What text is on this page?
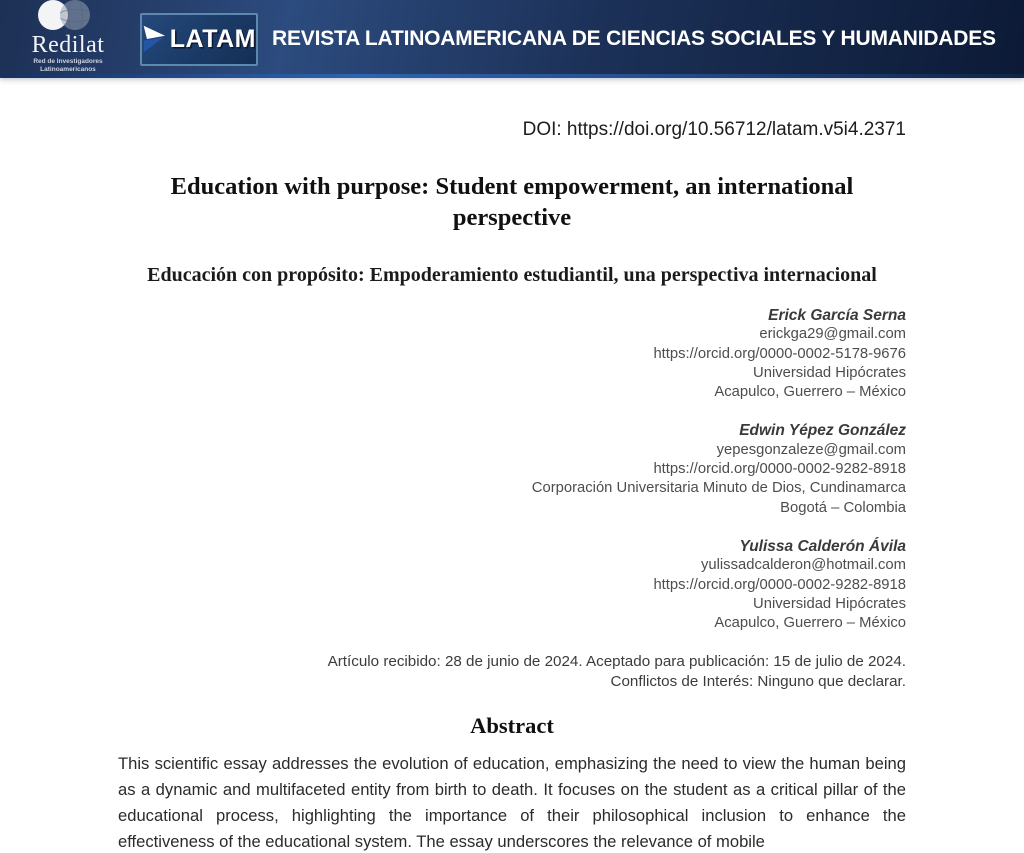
Redilat
Red de Investigadores
Latinoamericanos
LATAM REVISTA LATINOAMERICANA DE CIENCIAS SOCIALES Y HUMANIDADES
DOI: https://doi.org/10.56712/latam.v5i4.2371
Education with purpose: Student empowerment, an international perspective
Educación con propósito: Empoderamiento estudiantil, una perspectiva internacional
Erick García Serna
erickga29@gmail.com
https://orcid.org/0000-0002-5178-9676
Universidad Hipócrates
Acapulco, Guerrero – México
Edwin Yépez González
yepesgonzaleze@gmail.com
https://orcid.org/0000-0002-9282-8918
Corporación Universitaria Minuto de Dios, Cundinamarca
Bogotá – Colombia
Yulissa Calderón Ávila
yulissadcalderon@hotmail.com
https://orcid.org/0000-0002-9282-8918
Universidad Hipócrates
Acapulco, Guerrero – México
Artículo recibido: 28 de junio de 2024. Aceptado para publicación: 15 de julio de 2024.
Conflictos de Interés: Ninguno que declarar.
Abstract

This scientific essay addresses the evolution of education, emphasizing the need to view the human being as a dynamic and multifaceted entity from birth to death. It focuses on the student as a critical pillar of the educational process, highlighting the importance of their philosophical inclusion to enhance the effectiveness of the educational system. The essay underscores the relevance of mobile
